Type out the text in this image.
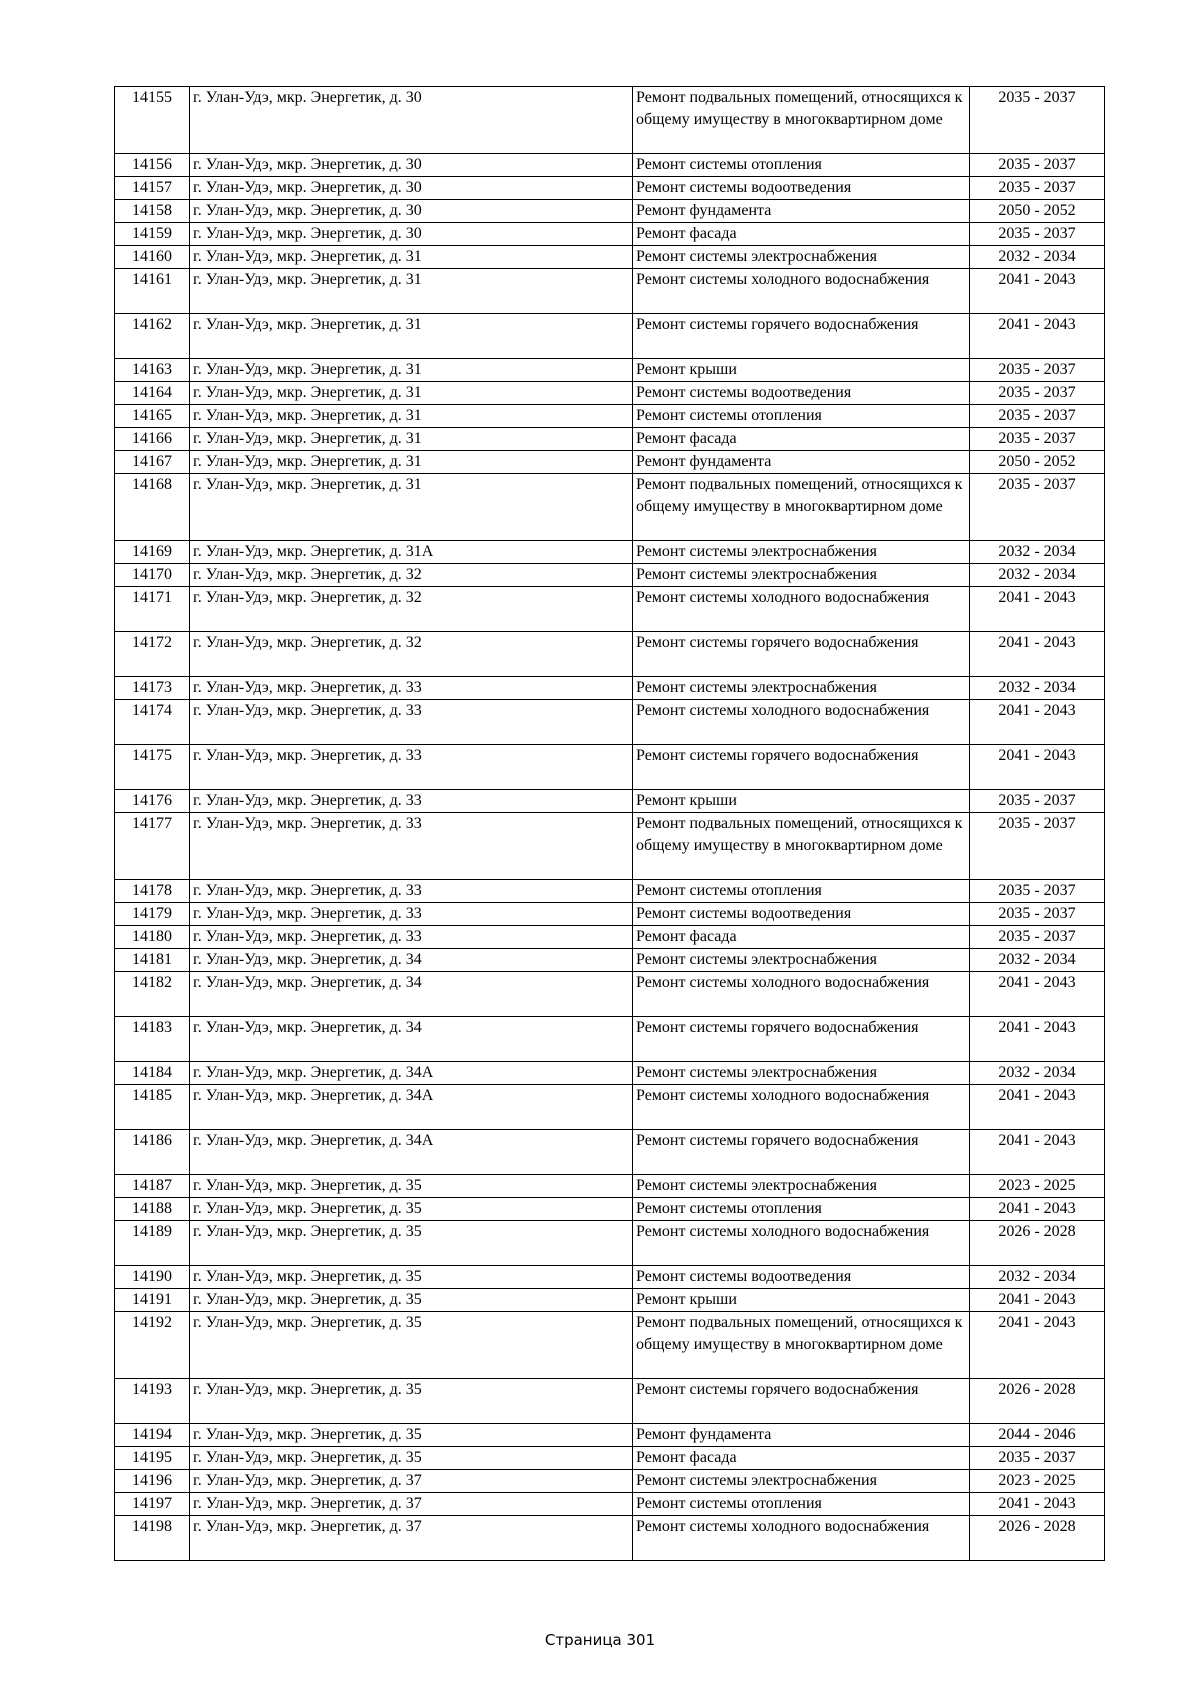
14155	г. Улан-Удэ, мкр. Энергетик, д. 30	Ремонт подвальных помещений, относящихся к общему имуществу в многоквартирном доме	2035 - 2037
14156	г. Улан-Удэ, мкр. Энергетик, д. 30	Ремонт системы отопления	2035 - 2037
14157	г. Улан-Удэ, мкр. Энергетик, д. 30	Ремонт системы водоотведения	2035 - 2037
14158	г. Улан-Удэ, мкр. Энергетик, д. 30	Ремонт фундамента	2050 - 2052
14159	г. Улан-Удэ, мкр. Энергетик, д. 30	Ремонт фасада	2035 - 2037
14160	г. Улан-Удэ, мкр. Энергетик, д. 31	Ремонт системы электроснабжения	2032 - 2034
14161	г. Улан-Удэ, мкр. Энергетик, д. 31	Ремонт системы холодного водоснабжения	2041 - 2043
14162	г. Улан-Удэ, мкр. Энергетик, д. 31	Ремонт системы горячего водоснабжения	2041 - 2043
14163	г. Улан-Удэ, мкр. Энергетик, д. 31	Ремонт крыши	2035 - 2037
14164	г. Улан-Удэ, мкр. Энергетик, д. 31	Ремонт системы водоотведения	2035 - 2037
14165	г. Улан-Удэ, мкр. Энергетик, д. 31	Ремонт системы отопления	2035 - 2037
14166	г. Улан-Удэ, мкр. Энергетик, д. 31	Ремонт фасада	2035 - 2037
14167	г. Улан-Удэ, мкр. Энергетик, д. 31	Ремонт фундамента	2050 - 2052
14168	г. Улан-Удэ, мкр. Энергетик, д. 31	Ремонт подвальных помещений, относящихся к общему имуществу в многоквартирном доме	2035 - 2037
14169	г. Улан-Удэ, мкр. Энергетик, д. 31А	Ремонт системы электроснабжения	2032 - 2034
14170	г. Улан-Удэ, мкр. Энергетик, д. 32	Ремонт системы электроснабжения	2032 - 2034
14171	г. Улан-Удэ, мкр. Энергетик, д. 32	Ремонт системы холодного водоснабжения	2041 - 2043
14172	г. Улан-Удэ, мкр. Энергетик, д. 32	Ремонт системы горячего водоснабжения	2041 - 2043
14173	г. Улан-Удэ, мкр. Энергетик, д. 33	Ремонт системы электроснабжения	2032 - 2034
14174	г. Улан-Удэ, мкр. Энергетик, д. 33	Ремонт системы холодного водоснабжения	2041 - 2043
14175	г. Улан-Удэ, мкр. Энергетик, д. 33	Ремонт системы горячего водоснабжения	2041 - 2043
14176	г. Улан-Удэ, мкр. Энергетик, д. 33	Ремонт крыши	2035 - 2037
14177	г. Улан-Удэ, мкр. Энергетик, д. 33	Ремонт подвальных помещений, относящихся к общему имуществу в многоквартирном доме	2035 - 2037
14178	г. Улан-Удэ, мкр. Энергетик, д. 33	Ремонт системы отопления	2035 - 2037
14179	г. Улан-Удэ, мкр. Энергетик, д. 33	Ремонт системы водоотведения	2035 - 2037
14180	г. Улан-Удэ, мкр. Энергетик, д. 33	Ремонт фасада	2035 - 2037
14181	г. Улан-Удэ, мкр. Энергетик, д. 34	Ремонт системы электроснабжения	2032 - 2034
14182	г. Улан-Удэ, мкр. Энергетик, д. 34	Ремонт системы холодного водоснабжения	2041 - 2043
14183	г. Улан-Удэ, мкр. Энергетик, д. 34	Ремонт системы горячего водоснабжения	2041 - 2043
14184	г. Улан-Удэ, мкр. Энергетик, д. 34А	Ремонт системы электроснабжения	2032 - 2034
14185	г. Улан-Удэ, мкр. Энергетик, д. 34А	Ремонт системы холодного водоснабжения	2041 - 2043
14186	г. Улан-Удэ, мкр. Энергетик, д. 34А	Ремонт системы горячего водоснабжения	2041 - 2043
14187	г. Улан-Удэ, мкр. Энергетик, д. 35	Ремонт системы электроснабжения	2023 - 2025
14188	г. Улан-Удэ, мкр. Энергетик, д. 35	Ремонт системы отопления	2041 - 2043
14189	г. Улан-Удэ, мкр. Энергетик, д. 35	Ремонт системы холодного водоснабжения	2026 - 2028
14190	г. Улан-Удэ, мкр. Энергетик, д. 35	Ремонт системы водоотведения	2032 - 2034
14191	г. Улан-Удэ, мкр. Энергетик, д. 35	Ремонт крыши	2041 - 2043
14192	г. Улан-Удэ, мкр. Энергетик, д. 35	Ремонт подвальных помещений, относящихся к общему имуществу в многоквартирном доме	2041 - 2043
14193	г. Улан-Удэ, мкр. Энергетик, д. 35	Ремонт системы горячего водоснабжения	2026 - 2028
14194	г. Улан-Удэ, мкр. Энергетик, д. 35	Ремонт фундамента	2044 - 2046
14195	г. Улан-Удэ, мкр. Энергетик, д. 35	Ремонт фасада	2035 - 2037
14196	г. Улан-Удэ, мкр. Энергетик, д. 37	Ремонт системы электроснабжения	2023 - 2025
14197	г. Улан-Удэ, мкр. Энергетик, д. 37	Ремонт системы отопления	2041 - 2043
14198	г. Улан-Удэ, мкр. Энергетик, д. 37	Ремонт системы холодного водоснабжения	2026 - 2028
Страница 301
